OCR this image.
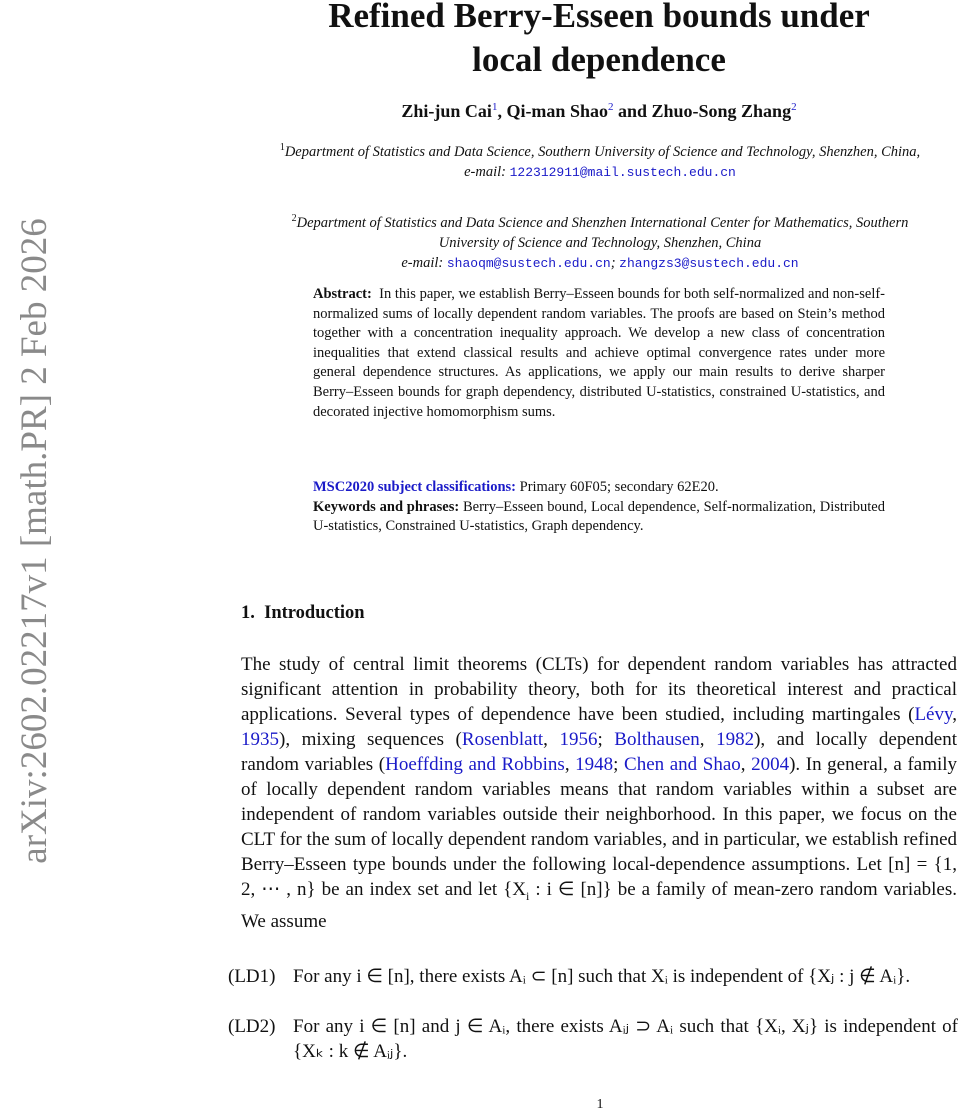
arXiv:2602.02217v1 [math.PR] 2 Feb 2026
Refined Berry-Esseen bounds under
local dependence
Zhi-jun Cai$^1$, Qi-man Shao$^2$ and Zhuo-Song Zhang$^2$
$^1$Department of Statistics and Data Science, Southern University of Science and Technology, Shenzhen, China,
e-mail: 122312911@mail.sustech.edu.cn
$^2$Department of Statistics and Data Science and Shenzhen International Center for Mathematics, Southern University of Science and Technology, Shenzhen, China
e-mail: shaoqm@sustech.edu.cn; zhangzs3@sustech.edu.cn
Abstract: In this paper, we establish Berry–Esseen bounds for both self-normalized and non-self-normalized sums of locally dependent random variables. The proofs are based on Stein’s method together with a concentration inequality approach. We develop a new class of concentration inequalities that extend classical results and achieve optimal convergence rates under more general dependence structures. As applications, we apply our main results to derive sharper Berry–Esseen bounds for graph dependency, distributed U-statistics, constrained U-statistics, and decorated injective homomorphism sums.
MSC2020 subject classifications: Primary 60F05; secondary 62E20.
Keywords and phrases: Berry–Esseen bound, Local dependence, Self-normalization, Distributed U-statistics, Constrained U-statistics, Graph dependency.
1. Introduction
The study of central limit theorems (CLTs) for dependent random variables has attracted significant attention in probability theory, both for its theoretical interest and practical applications. Several types of dependence have been studied, including martingales (Lévy, 1935), mixing sequences (Rosenblatt, 1956; Bolthausen, 1982), and locally dependent random variables (Hoeffding and Robbins, 1948; Chen and Shao, 2004). In general, a family of locally dependent random variables means that random variables within a subset are independent of random variables outside their neighborhood. In this paper, we focus on the CLT for the sum of locally dependent random variables, and in particular, we establish refined Berry–Esseen type bounds under the following local-dependence assumptions. Let [n] = {1, 2, ⋯ , n} be an index set and let {$X_i$ : i ∈ [n]} be a family of mean-zero random variables. We assume
(LD1) For any i ∈ [n], there exists Aᵢ ⊂ [n] such that Xᵢ is independent of {Xⱼ : j ∉ Aᵢ}.
(LD2) For any i ∈ [n] and j ∈ Aᵢ, there exists Aᵢⱼ ⊃ Aᵢ such that {Xᵢ, Xⱼ} is independent of {Xₖ : k ∉ Aᵢⱼ}.
1
